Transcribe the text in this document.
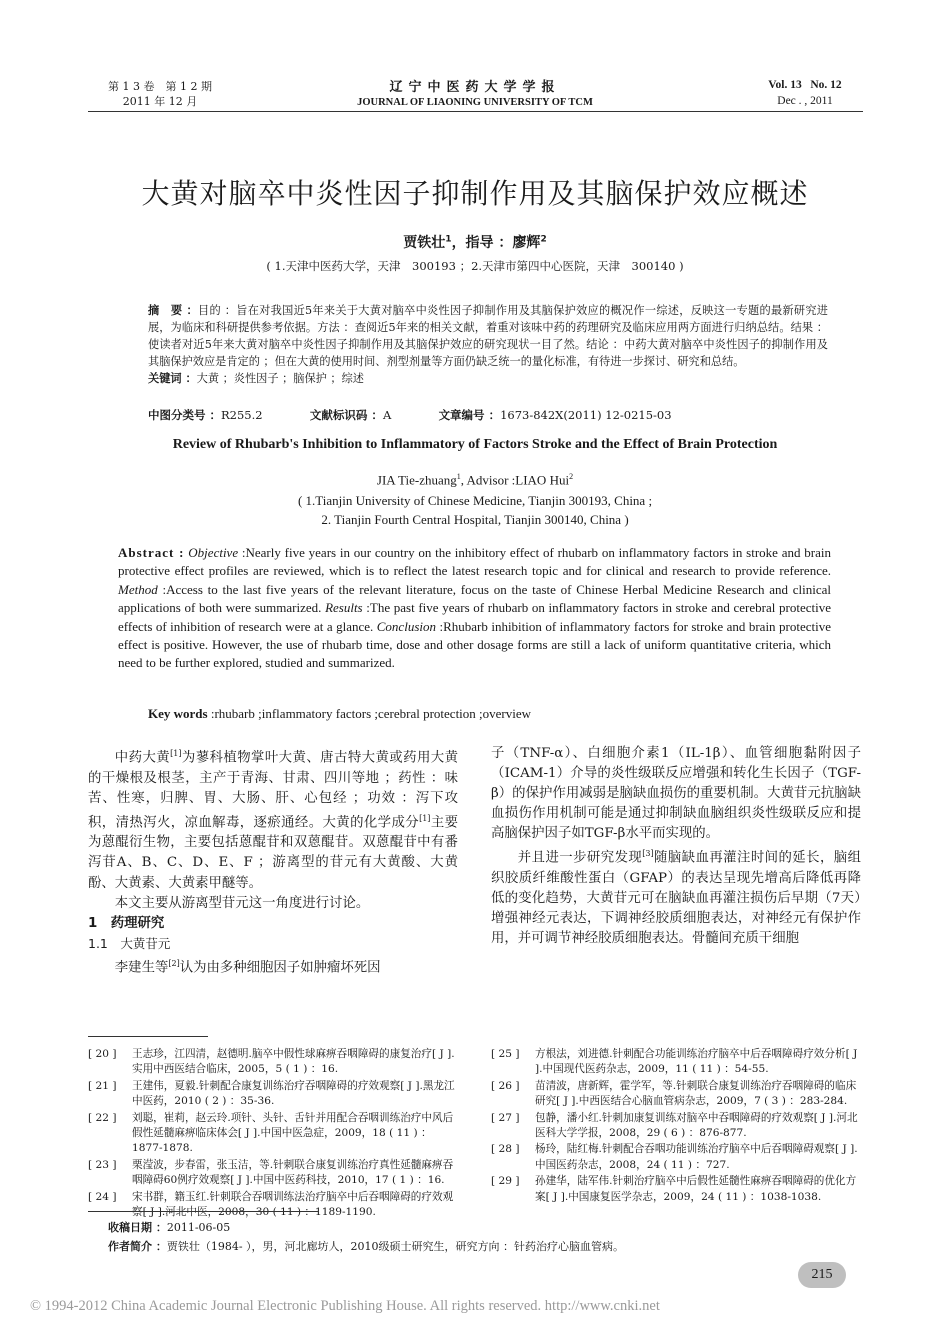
第 1 3 卷　第 1 2 期
2011 年 12 月
辽宁中医药大学学报
JOURNAL OF LIAONING UNIVERSITY OF TCM
Vol. 13 No. 12
Dec . , 2011
大黄对脑卒中炎性因子抑制作用及其脑保护效应概述
贾铁壮$^1$，指导 ：廖辉$^2$
( 1.天津中医药大学，天津　300193 ；2.天津市第四中心医院，天津　300140 )
摘　要 ：目的 ：旨在对我国近5年来关于大黄对脑卒中炎性因子抑制作用及其脑保护效应的概况作一综述，反映这一专题的最新研究进展，为临床和科研提供参考依据。方法 ：查阅近5年来的相关文献，着重对该味中药的药理研究及临床应用两方面进行归纳总结。结果 ：使读者对近5年来大黄对脑卒中炎性因子抑制作用及其脑保护效应的研究现状一目了然。结论 ：中药大黄对脑卒中炎性因子的抑制作用及其脑保护效应是肯定的 ；但在大黄的使用时间、剂型剂量等方面仍缺乏统一的量化标准，有待进一步探讨、研究和总结。
关键词 ：大黄 ；炎性因子 ；脑保护 ；综述
中图分类号 ：R255.2	文献标识码 ：A	文章编号 ：1673-842X(2011) 12-0215-03
Review of Rhubarb's Inhibition to Inflammatory of Factors Stroke and the Effect of Brain Protection
JIA Tie-zhuang$^1$, Advisor :LIAO Hui$^2$
( 1.Tianjin University of Chinese Medicine, Tianjin 300193, China ;
2. Tianjin Fourth Central Hospital, Tianjin 300140, China )
Abstract : Objective :Nearly five years in our country on the inhibitory effect of rhubarb on inflammatory factors in stroke and brain protective effect profiles are reviewed, which is to reflect the latest research topic and for clinical and research to provide reference. Method :Access to the last five years of the relevant literature, focus on the taste of Chinese Herbal Medicine Research and clinical applications of both were summarized. Results :The past five years of rhubarb on inflammatory factors in stroke and cerebral protective effects of inhibition of research were at a glance. Conclusion :Rhubarb inhibition of inflammatory factors for stroke and brain protective effect is positive. However, the use of rhubarb time, dose and other dosage forms are still a lack of uniform quantitative criteria, which need to be further explored, studied and summarized.
Key words :rhubarb ;inflammatory factors ;cerebral protection ;overview

中药大黄[1]为蓼科植物掌叶大黄、唐古特大黄或药用大黄的干燥根及根茎，主产于青海、甘肃、四川等地 ；药性 ：味苦、性寒，归脾、胃、大肠、肝、心包经 ；功效 ：泻下攻积，清热泻火，凉血解毒，逐瘀通经。大黄的化学成分[1]主要为蒽醌衍生物，主要包括蒽醌苷和双蒽醌苷。双蒽醌苷中有番泻苷A、B、C、D、E、F ；游离型的苷元有大黄酸、大黄酚、大黄素、大黄素甲醚等。

本文主要从游离型苷元这一角度进行讨论。

1　药理研究

1.1　大黄苷元

李建生等[2]认为由多种细胞因子如肿瘤坏死因

子（TNF-α）、白细胞介素1（IL-1β）、血管细胞黏附因子（ICAM-1）介导的炎性级联反应增强和转化生长因子（TGF-β）的保护作用减弱是脑缺血损伤的重要机制。大黄苷元抗脑缺血损伤作用机制可能是通过抑制缺血脑组织炎性级联反应和提高脑保护因子如TGF-β水平而实现的。

并且进一步研究发现[3]随脑缺血再灌注时间的延长，脑组织胶质纤维酸性蛋白（GFAP）的表达呈现先增高后降低再降低的变化趋势，大黄苷元可在脑缺血再灌注损伤后早期（7天）增强神经元表达，下调神经胶质细胞表达，对神经元有保护作用，并可调节神经胶质细胞表达。骨髓间充质干细胞

[ 20 ]	王志珍，江四清，赵德明.脑卒中假性球麻痹吞咽障碍的康复治疗[ J ].实用中西医结合临床，2005，5 ( 1 ) ：16.
[ 21 ]	王建伟，夏毅.针刺配合康复训练治疗吞咽障碍的疗效观察[ J ].黑龙江中医药，2010 ( 2 ) ：35-36.
[ 22 ]	刘聪，崔莉，赵云玲.项针、头针、舌针并用配合吞咽训练治疗中风后假性延髓麻痹临床体会[ J ].中国中医急症，2009，18 ( 11 ) ：1877-1878.
[ 23 ]	栗滢波，步春雷，张玉洁，等.针刺联合康复训练治疗真性延髓麻痹吞咽障碍60例疗效观察[ J ].中国中医药科技，2010，17 ( 1 ) ：16.
[ 24 ]	宋书群，籍玉红.针刺联合吞咽训练法治疗脑卒中后吞咽障碍的疗效观察[ J ].河北中医，2008，30 ( 11 ) ：1189-1190.
[ 25 ]	方根法，刘进德.针刺配合功能训练治疗脑卒中后吞咽障碍疗效分析[ J ].中国现代医药杂志，2009，11 ( 11 ) ：54-55.
[ 26 ]	苗清波，唐新辉，霍学军，等.针刺联合康复训练治疗吞咽障碍的临床研究[ J ].中西医结合心脑血管病杂志，2009，7 ( 3 ) ：283-284.
[ 27 ]	包静，潘小红.针刺加康复训练对脑卒中吞咽障碍的疗效观察[ J ].河北医科大学学报，2008，29 ( 6 ) ：876-877.
[ 28 ]	杨玲，陆红梅.针刺配合吞咽功能训练治疗脑卒中后吞咽障碍观察[ J ].中国医药杂志，2008，24 ( 11 ) ：727.
[ 29 ]	孙建华，陆军伟.针刺治疗脑卒中后假性延髓性麻痹吞咽障碍的优化方案[ J ].中国康复医学杂志，2009，24 ( 11 ) ：1038-1038.
收稿日期 ：2011-06-05
作者简介 ：贾铁壮（1984- ），男，河北廊坊人，2010级硕士研究生，研究方向 ：针药治疗心脑血管病。
215
© 1994-2012 China Academic Journal Electronic Publishing House. All rights reserved. http://www.cnki.net
